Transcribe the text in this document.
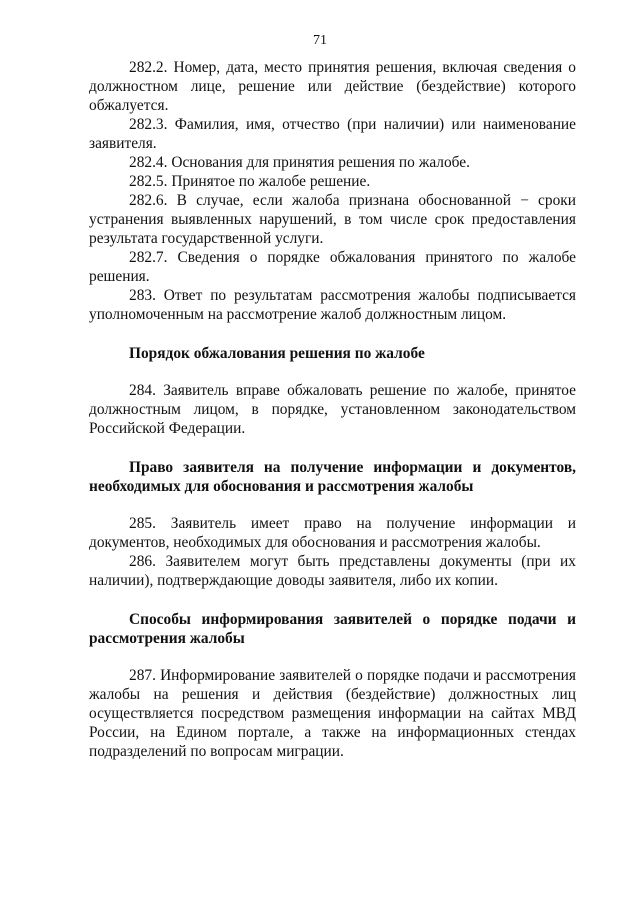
71

282.2. Номер, дата, место принятия решения, включая сведения о должностном лице, решение или действие (бездействие) которого обжалуется.

282.3. Фамилия, имя, отчество (при наличии) или наименование заявителя.

282.4. Основания для принятия решения по жалобе.

282.5. Принятое по жалобе решение.

282.6. В случае, если жалоба признана обоснованной − сроки устранения выявленных нарушений, в том числе срок предоставления результата государственной услуги.

282.7. Сведения о порядке обжалования принятого по жалобе решения.

283. Ответ по результатам рассмотрения жалобы подписывается уполномоченным на рассмотрение жалоб должностным лицом.

Порядок обжалования решения по жалобе

284. Заявитель вправе обжаловать решение по жалобе, принятое должностным лицом, в порядке, установленном законодательством Российской Федерации.

Право заявителя на получение информации и документов, необходимых для обоснования и рассмотрения жалобы

285. Заявитель имеет право на получение информации и документов, необходимых для обоснования и рассмотрения жалобы.

286. Заявителем могут быть представлены документы (при их наличии), подтверждающие доводы заявителя, либо их копии.

Способы информирования заявителей о порядке подачи и рассмотрения жалобы

287. Информирование заявителей о порядке подачи и рассмотрения жалобы на решения и действия (бездействие) должностных лиц осуществляется посредством размещения информации на сайтах МВД России, на Едином портале, а также на информационных стендах подразделений по вопросам миграции.
